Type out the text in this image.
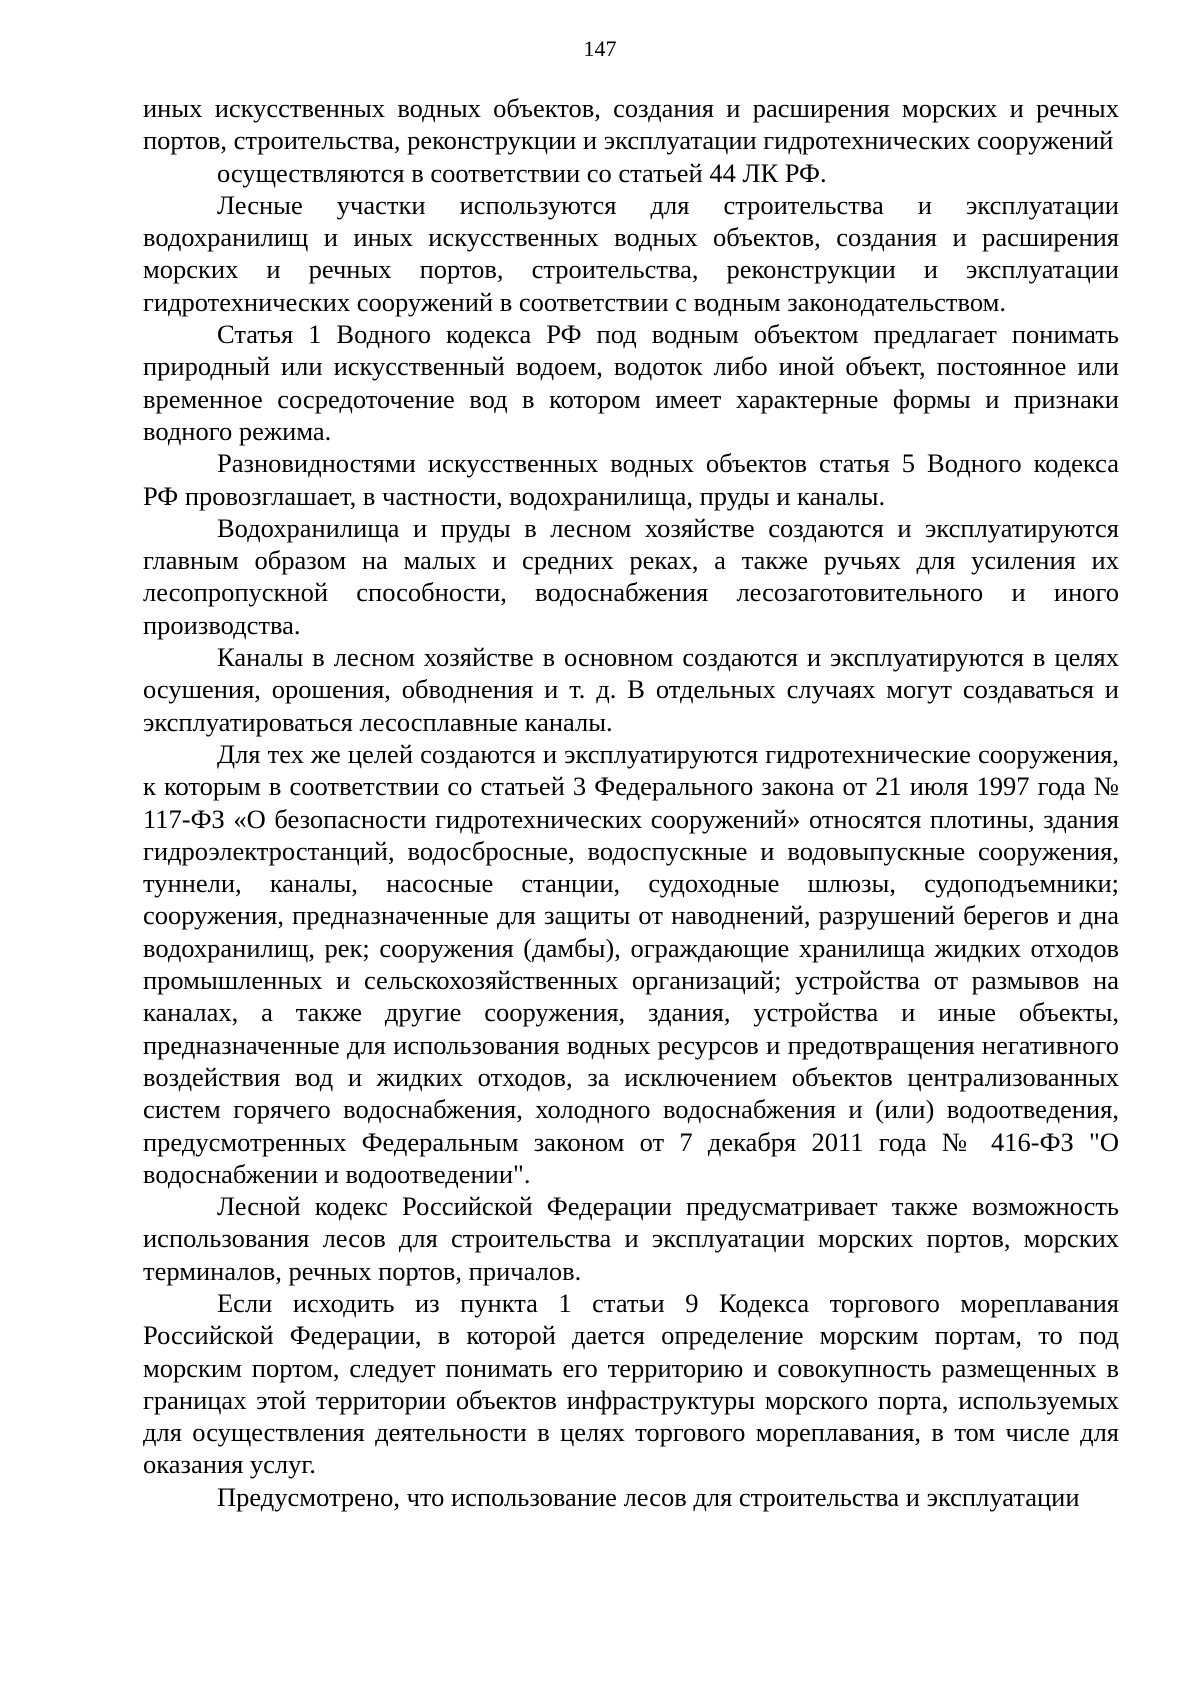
147

иных искусственных водных объектов, создания и расширения морских и речных портов, строительства, реконструкции и эксплуатации гидротехнических сооружений

осуществляются в соответствии со статьей 44 ЛК РФ.

Лесные участки используются для строительства и эксплуатации водохранилищ и иных искусственных водных объектов, создания и расширения морских и речных портов, строительства, реконструкции и эксплуатации гидротехнических сооружений в соответствии с водным законодательством.

Статья 1 Водного кодекса РФ под водным объектом предлагает понимать природный или искусственный водоем, водоток либо иной объект, постоянное или временное сосредоточение вод в котором имеет характерные формы и признаки водного режима.

Разновидностями искусственных водных объектов статья 5 Водного кодекса РФ провозглашает, в частности, водохранилища, пруды и каналы.

Водохранилища и пруды в лесном хозяйстве создаются и эксплуатируются главным образом на малых и средних реках, а также ручьях для усиления их лесопропускной способности, водоснабжения лесозаготовительного и иного производства.

Каналы в лесном хозяйстве в основном создаются и эксплуатируются в целях осушения, орошения, обводнения и т. д. В отдельных случаях могут создаваться и эксплуатироваться лесосплавные каналы.

Для тех же целей создаются и эксплуатируются гидротехнические сооружения, к которым в соответствии со статьей 3 Федерального закона от 21 июля 1997 года № 117-ФЗ «О безопасности гидротехнических сооружений» относятся плотины, здания гидроэлектростанций, водосбросные, водоспускные и водовыпускные сооружения, туннели, каналы, насосные станции, судоходные шлюзы, судоподъемники; сооружения, предназначенные для защиты от наводнений, разрушений берегов и дна водохранилищ, рек; сооружения (дамбы), ограждающие хранилища жидких отходов промышленных и сельскохозяйственных организаций; устройства от размывов на каналах, а также другие сооружения, здания, устройства и иные объекты, предназначенные для использования водных ресурсов и предотвращения негативного воздействия вод и жидких отходов, за исключением объектов централизованных систем горячего водоснабжения, холодного водоснабжения и (или) водоотведения, предусмотренных Федеральным законом от 7 декабря 2011 года № 416-ФЗ "О водоснабжении и водоотведении".

Лесной кодекс Российской Федерации предусматривает также возможность использования лесов для строительства и эксплуатации морских портов, морских терминалов, речных портов, причалов.

Если исходить из пункта 1 статьи 9 Кодекса торгового мореплавания Российской Федерации, в которой дается определение морским портам, то под морским портом, следует понимать его территорию и совокупность размещенных в границах этой территории объектов инфраструктуры морского порта, используемых для осуществления деятельности в целях торгового мореплавания, в том числе для оказания услуг.

Предусмотрено, что использование лесов для строительства и эксплуатации
